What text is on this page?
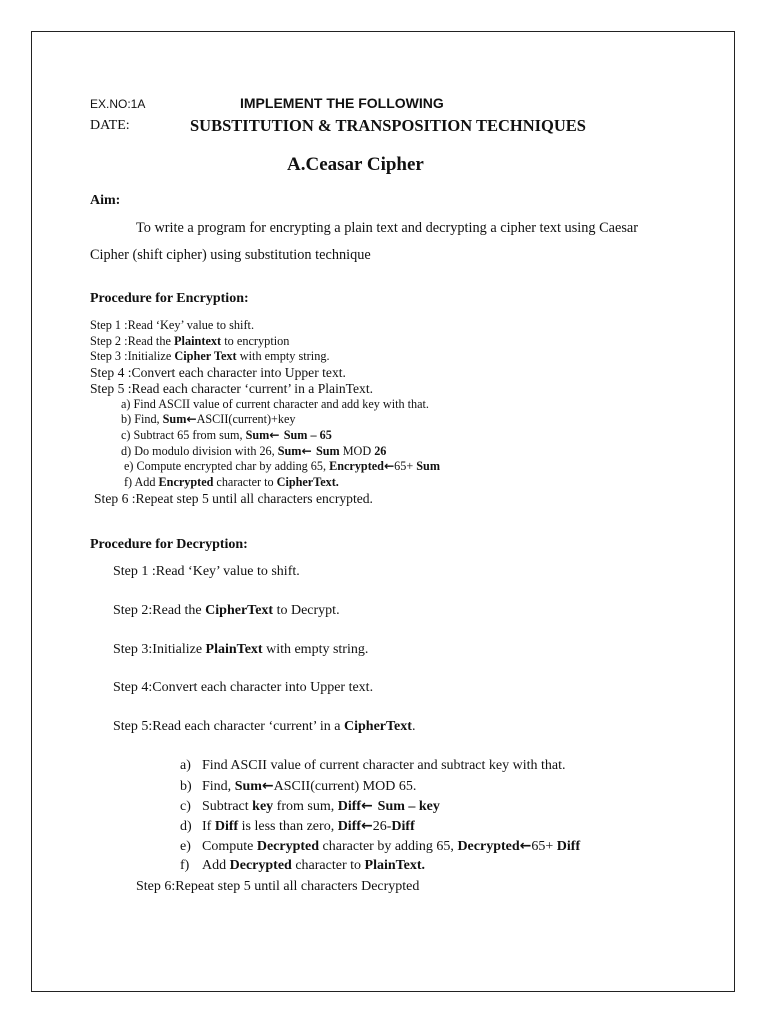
EX.NO:1A	IMPLEMENT THE FOLLOWING
DATE:	SUBSTITUTION & TRANSPOSITION TECHNIQUES
A.Ceasar Cipher
Aim:
To write a program for encrypting a plain text and decrypting a cipher text using Caesar
Cipher (shift cipher) using substitution technique
Procedure for Encryption:
Step 1 :Read ‘Key’ value to shift.
Step 2 :Read the Plaintext to encryption
Step 3 :Initialize Cipher Text with empty string.
Step 4 :Convert each character into Upper text.
Step 5 :Read each character ‘current’ in a PlainText.
a) Find ASCII value of current character and add key with that.
b) Find, Sum←ASCII(current)+key
c) Subtract 65 from sum, Sum← Sum – 65
d) Do modulo division with 26, Sum← Sum MOD 26
e) Compute encrypted char by adding 65, Encrypted←65+ Sum
f) Add Encrypted character to CipherText.
Step 6 :Repeat step 5 until all characters encrypted.
Procedure for Decryption:
Step 1 :Read ‘Key’ value to shift.
Step 2:Read the CipherText to Decrypt.
Step 3:Initialize PlainText with empty string.
Step 4:Convert each character into Upper text.
Step 5:Read each character ‘current’ in a CipherText.
a) Find ASCII value of current character and subtract key with that.
b) Find, Sum←ASCII(current) MOD 65.
c) Subtract key from sum, Diff← Sum – key
d) If Diff is less than zero, Diff←26-Diff
e) Compute Decrypted character by adding 65, Decrypted←65+ Diff
f) Add Decrypted character to PlainText.
Step 6:Repeat step 5 until all characters Decrypted
